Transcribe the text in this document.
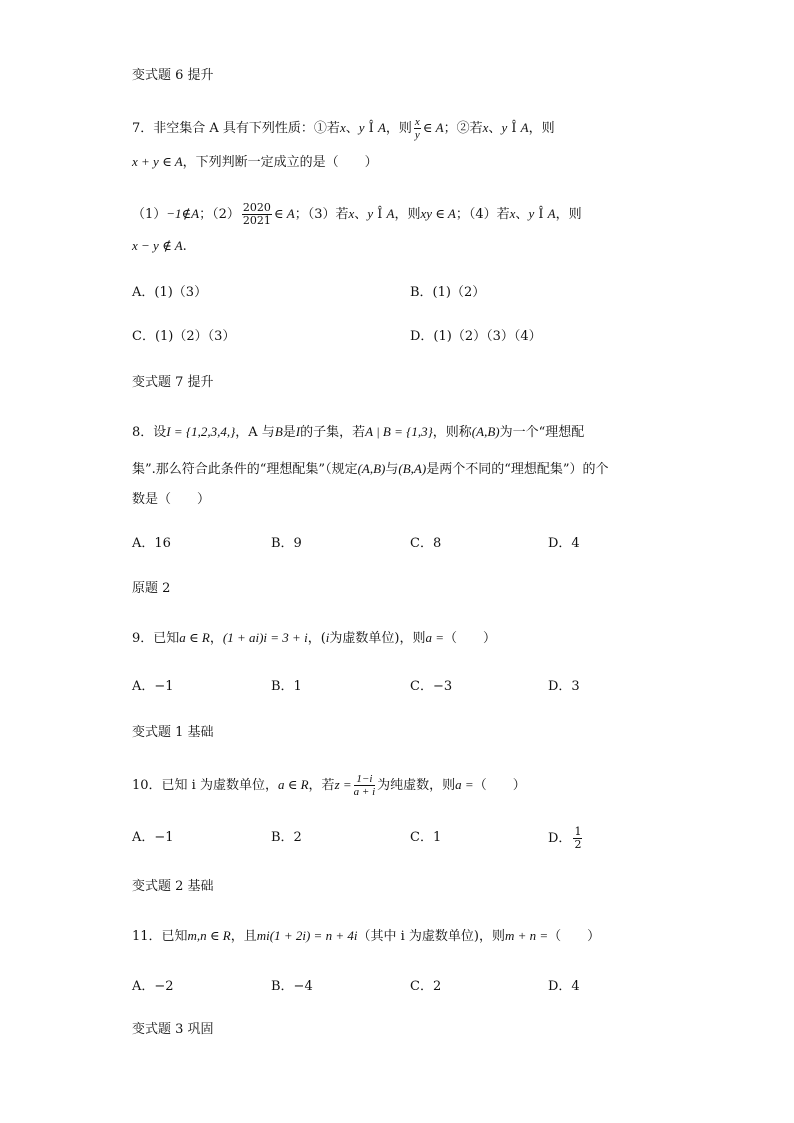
变式题 6 提升
7．非空集合 A 具有下列性质：①若x、y Î A，则 $\frac{x}{y}$ ∈ A；②若x、y Î A，则
x + y ∈ A，下列判断一定成立的是（　　）
（1）−1∉A；$(2) \frac{2020}{2021}$ ∈ A；（3）若x、y Î A，则xy ∈ A；（4）若x、y Î A，则
x − y ∉ A.
A．(1)（3）	B．(1)（2）
C．(1)（2）（3）	D．(1)（2）（3）（4）
变式题 7 提升
8．设I = {1,2,3,4,}，A 与B是I的子集，若A | B = {1,3}，则称(A,B)为一个“理想配
集”.那么符合此条件的“理想配集”（规定(A,B)与(B,A)是两个不同的“理想配集”）的个
数是（　　）
A．16	B．9	C．8	D．4
原题 2
9．已知a ∈ R，(1 + ai)i = 3 + i，(i为虚数单位)，则a =（　　）
A．−1	B．1	C．−3	D．3
变式题 1 基础
10．已知 i 为虚数单位，a ∈ R，若$z = \frac{1-i}{a + i}$ 为纯虚数，则a =（　　）
A．−1	B．2	C．1	D． $\frac{1}{2}$
变式题 2 基础
11．已知m,n ∈ R，且mi(1 + 2i) = n + 4i（其中 i 为虚数单位)，则m + n =（　　）
A．−2	B．−4	C．2	D．4
变式题 3 巩固
